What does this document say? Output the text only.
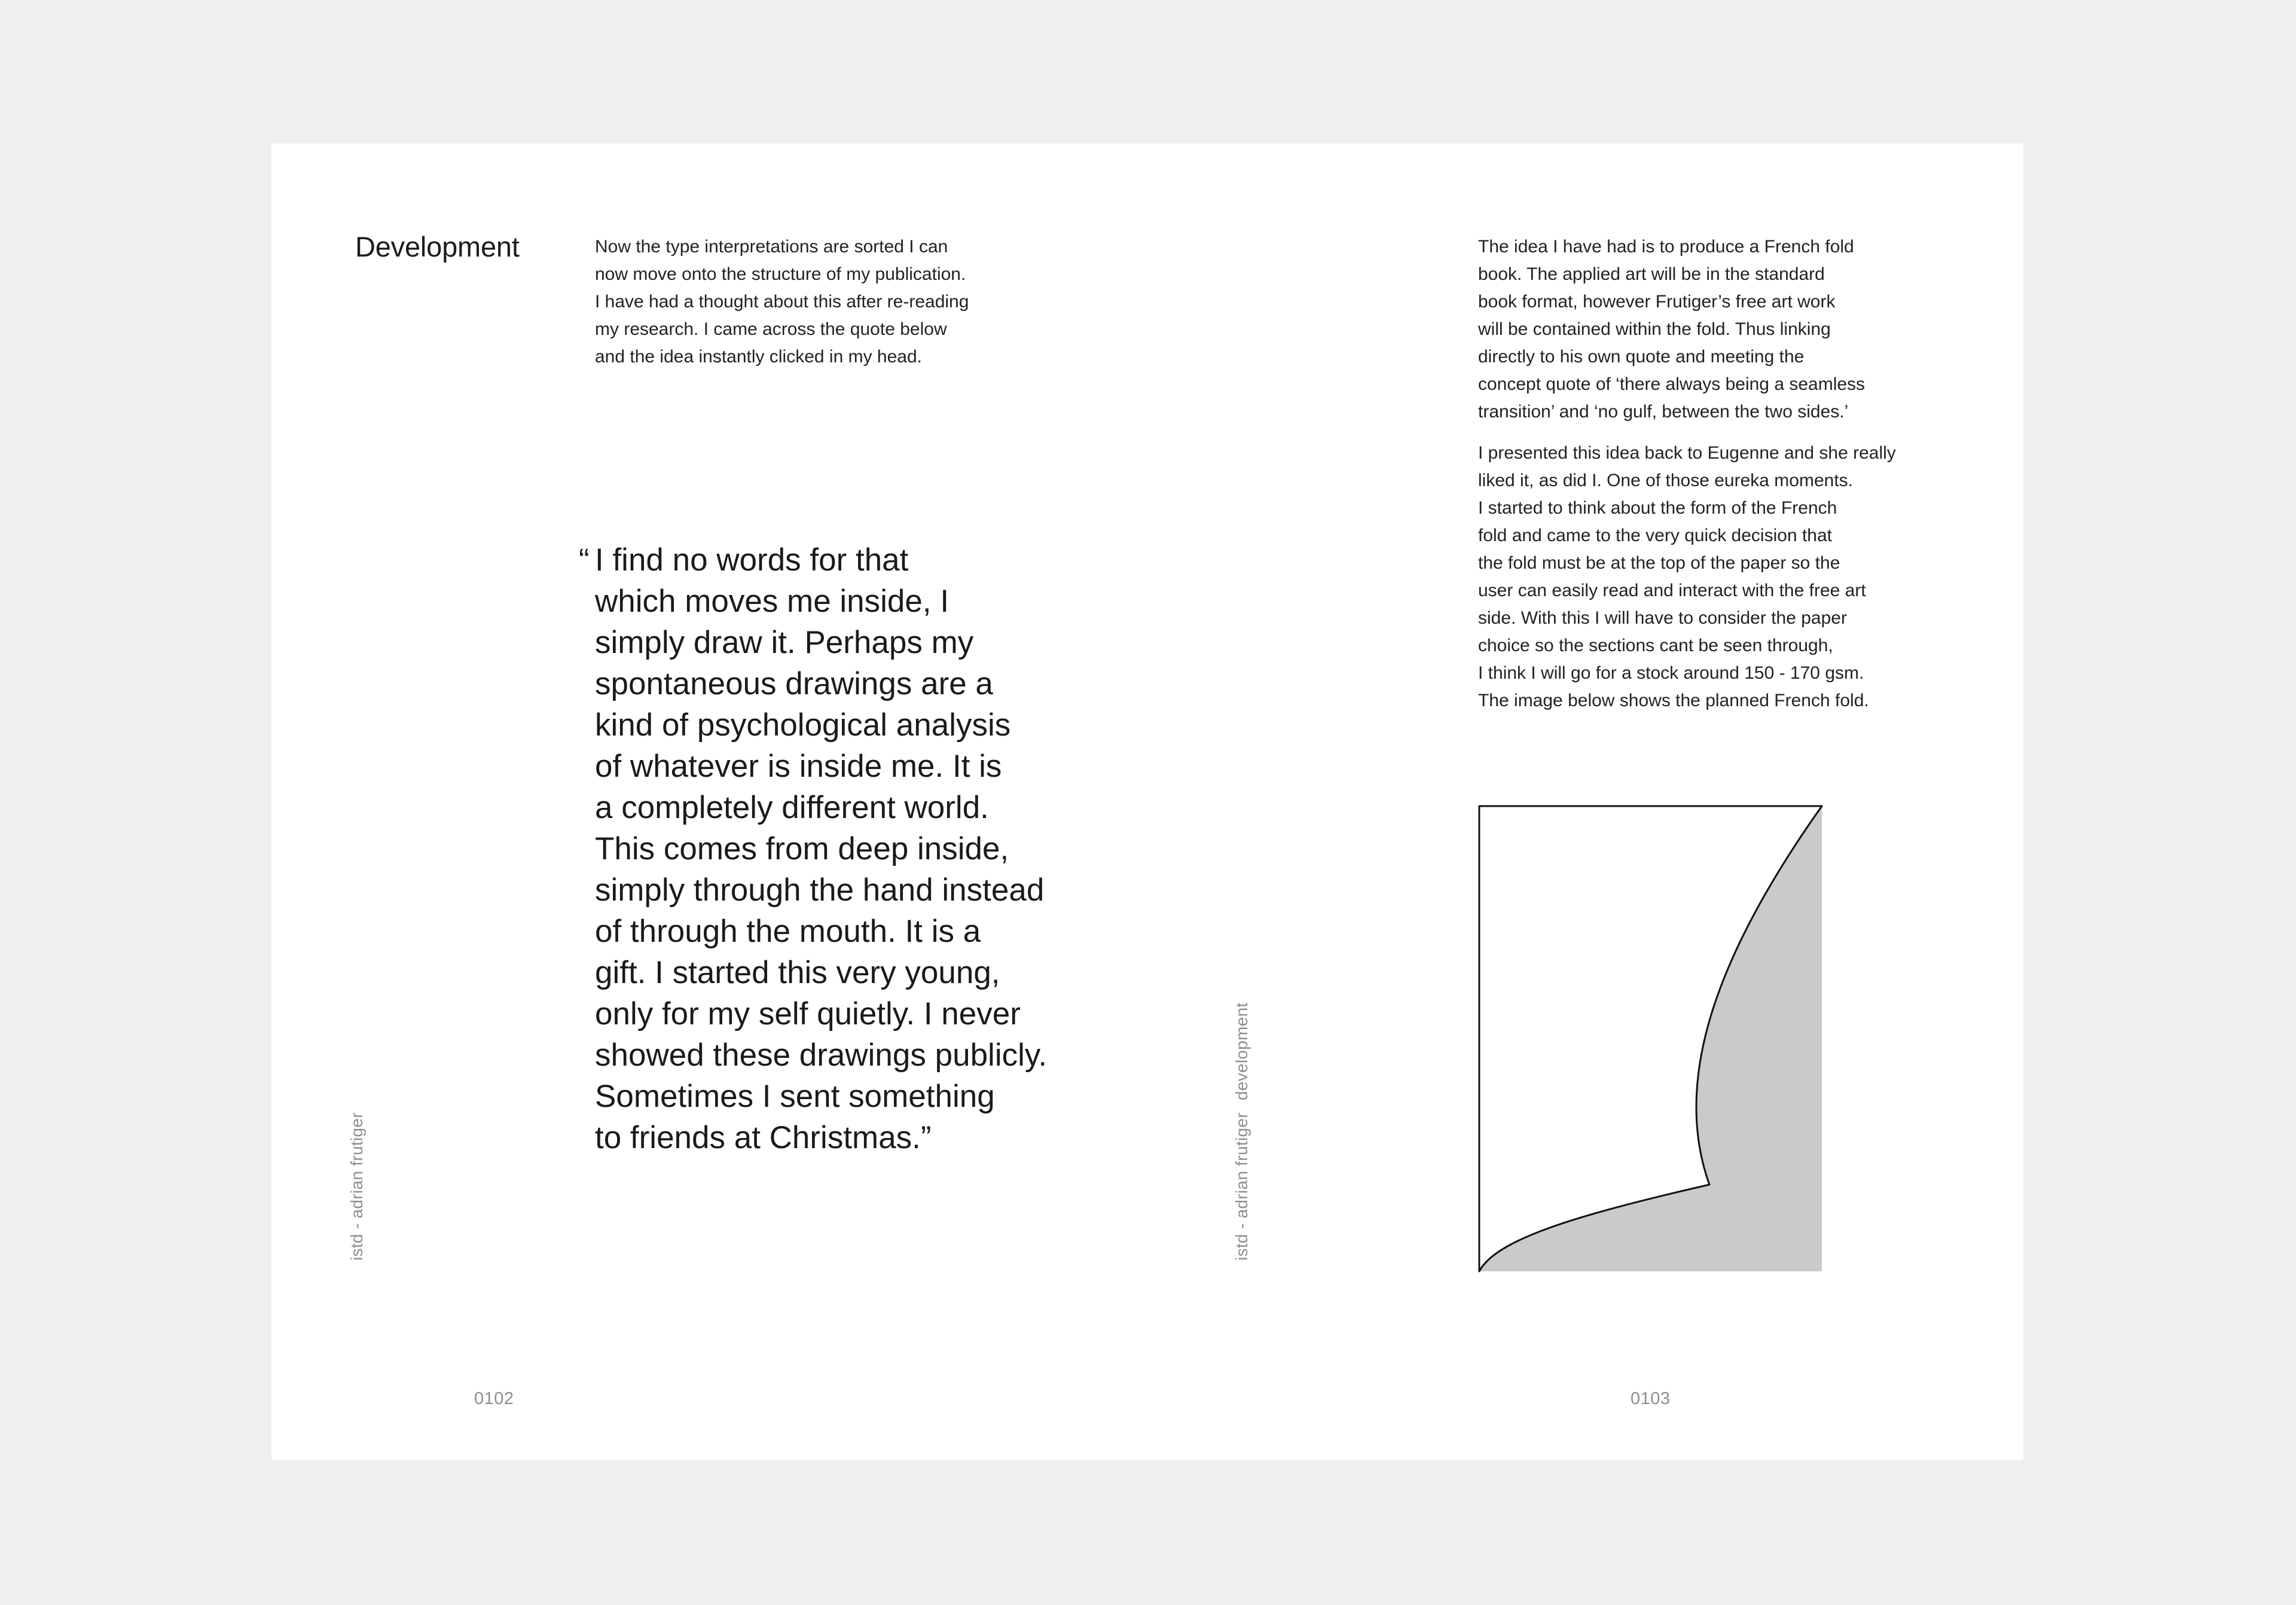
Development	Now the type interpretations are sorted I can
now move onto the structure of my publication.
I have had a thought about this after re-reading
my research. I came across the quote below
and the idea instantly clicked in my head.

“ I find no words for that
which moves me inside, I
simply draw it. Perhaps my
spontaneous drawings are a
kind of psychological analysis
of whatever is inside me. It is
a completely different world.
This comes from deep inside,
simply through the hand instead
of through the mouth. It is a
gift. I started this very young,
only for my self quietly. I never
showed these drawings publicly.
Sometimes I sent something
to friends at Christmas.”
istd - adrian frutiger
0102

The idea I have had is to produce a French fold
book. The applied art will be in the standard
book format, however Frutiger’s free art work
will be contained within the fold. Thus linking
directly to his own quote and meeting the
concept quote of ‘there always being a seamless
transition’ and ‘no gulf, between the two sides.’

I presented this idea back to Eugenne and she really
liked it, as did I. One of those eureka moments.
I started to think about the form of the French
fold and came to the very quick decision that
the fold must be at the top of the paper so the
user can easily read and interact with the free art
side. With this I will have to consider the paper
choice so the sections cant be seen through,
I think I will go for a stock around 150 - 170 gsm.
The image below shows the planned French fold.

development
istd - adrian frutiger
0103
